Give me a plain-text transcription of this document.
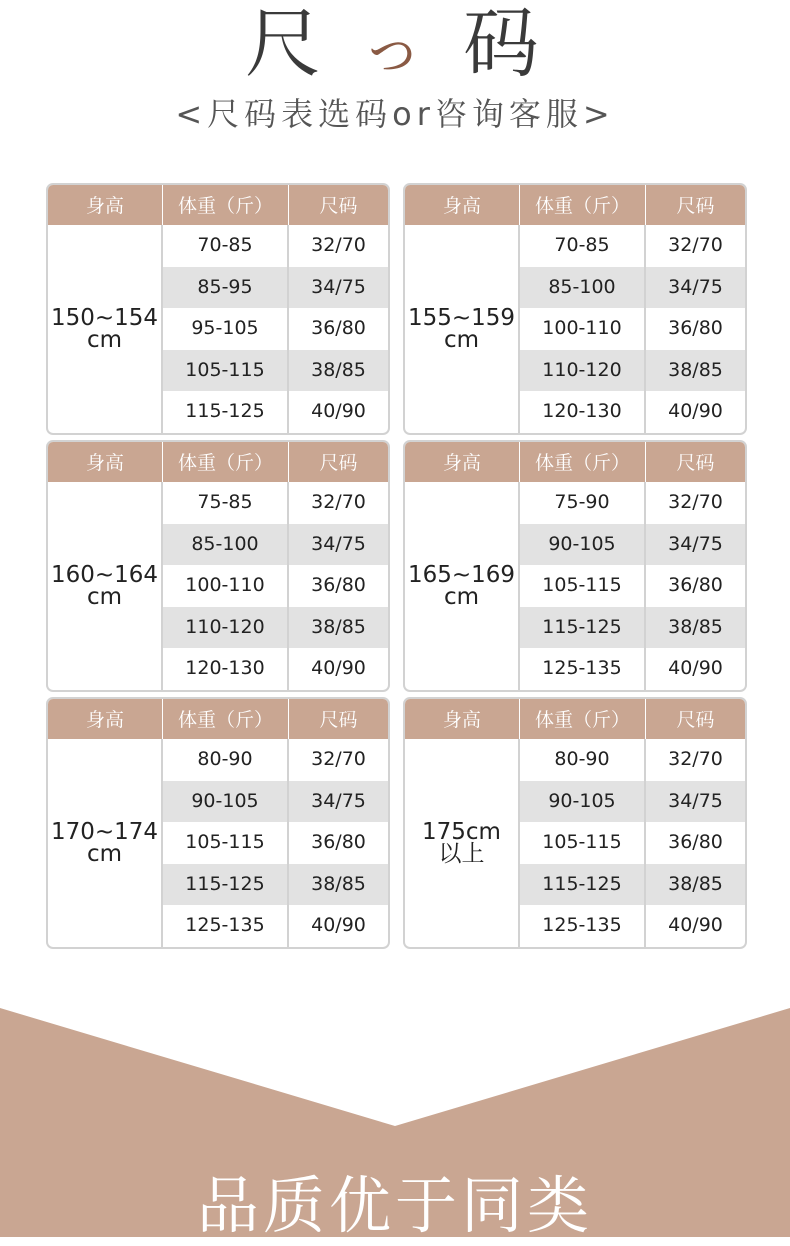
尺 っ 码
<尺码表选码or咨询客服>
身高	体重（斤）	尺码
150~154
cm
70-85	32/70
85-95	34/75
95-105	36/80
105-115	38/85
115-125	40/90
身高	体重（斤）	尺码
155~159
cm
70-85	32/70
85-100	34/75
100-110	36/80
110-120	38/85
120-130	40/90
身高	体重（斤）	尺码
160~164
cm
75-85	32/70
85-100	34/75
100-110	36/80
110-120	38/85
120-130	40/90
身高	体重（斤）	尺码
165~169
cm
75-90	32/70
90-105	34/75
105-115	36/80
115-125	38/85
125-135	40/90
身高	体重（斤）	尺码
170~174
cm
80-90	32/70
90-105	34/75
105-115	36/80
115-125	38/85
125-135	40/90
身高	体重（斤）	尺码
175cm
以上
80-90	32/70
90-105	34/75
105-115	36/80
115-125	38/85
125-135	40/90
品质优于同类
